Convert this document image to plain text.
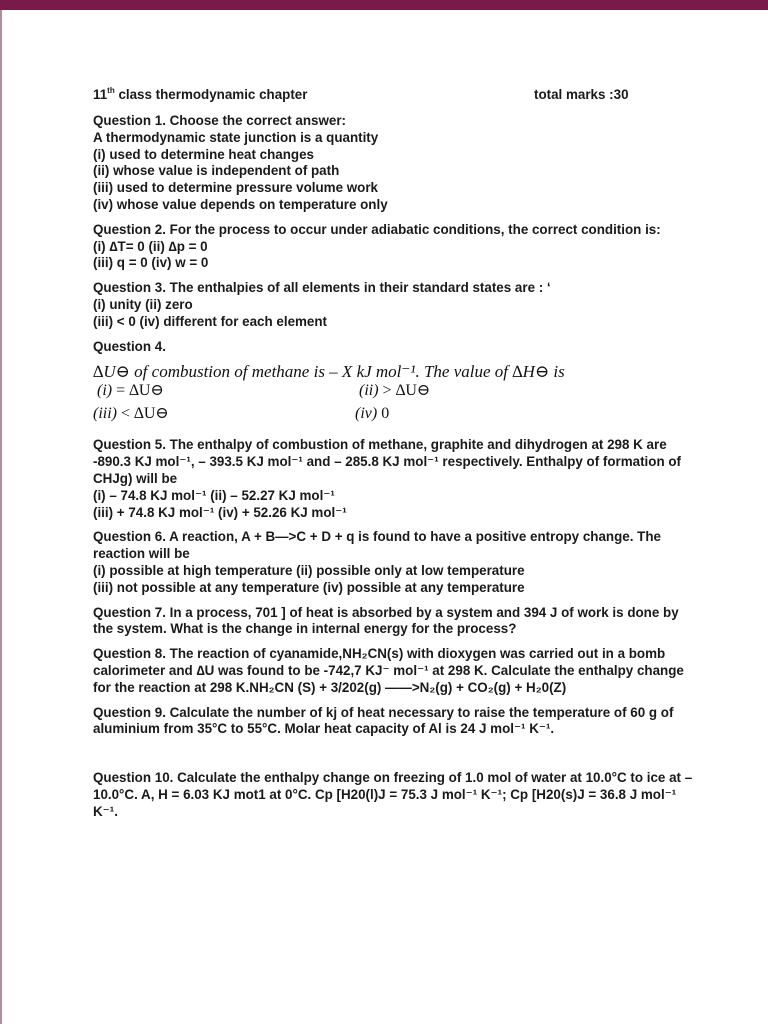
11th class thermodynamic chapter	total marks :30
Question 1. Choose the correct answer:
A thermodynamic state junction is a quantity
(i) used to determine heat changes
(ii) whose value is independent of path
(iii) used to determine pressure volume work
(iv) whose value depends on temperature only
Question 2. For the process to occur under adiabatic conditions, the correct condition is:
(i) ∆T= 0 (ii) ∆p = 0
(iii) q = 0 (iv) w = 0
Question 3. The enthalpies of all elements in their standard states are : ‘
(i) unity (ii) zero
(iii) < 0 (iv) different for each element
Question 4.
∆U⊖ of combustion of methane is – X kJ mol⁻¹. The value of ∆H⊖ is
(i) = ∆U⊖	(ii) > ∆U⊖
(iii) < ∆U⊖	(iv) 0
Question 5. The enthalpy of combustion of methane, graphite and dihydrogen at 298 K are -890.3 KJ mol⁻¹, – 393.5 KJ mol⁻¹ and – 285.8 KJ mol⁻¹ respectively. Enthalpy of formation of CHJg) will be
(i) – 74.8 KJ mol⁻¹ (ii) – 52.27 KJ mol⁻¹
(iii) + 74.8 KJ mol⁻¹ (iv) + 52.26 KJ mol⁻¹
Question 6. A reaction, A + B—>C + D + q is found to have a positive entropy change. The reaction will be
(i) possible at high temperature (ii) possible only at low temperature
(iii) not possible at any temperature (iv) possible at any temperature
Question 7. In a process, 701 ] of heat is absorbed by a system and 394 J of work is done by the system. What is the change in internal energy for the process?
Question 8. The reaction of cyanamide,NH₂CN(s) with dioxygen was carried out in a bomb calorimeter and ∆U was found to be -742,7 KJ⁻ mol⁻¹ at 298 K. Calculate the enthalpy change for the reaction at 298 K.NH₂CN (S) + 3/202(g) ——>N₂(g) + CO₂(g) + H₂0(Z)
Question 9. Calculate the number of kj of heat necessary to raise the temperature of 60 g of aluminium from 35°C to 55°C. Molar heat capacity of Al is 24 J mol⁻¹ K⁻¹.
Question 10. Calculate the enthalpy change on freezing of 1.0 mol of water at 10.0°C to ice at – 10.0°C. A, H = 6.03 KJ mot1 at 0°C. Cp [H20(l)J = 75.3 J mol⁻¹ K⁻¹; Cp [H20(s)J = 36.8 J mol⁻¹ K⁻¹.
